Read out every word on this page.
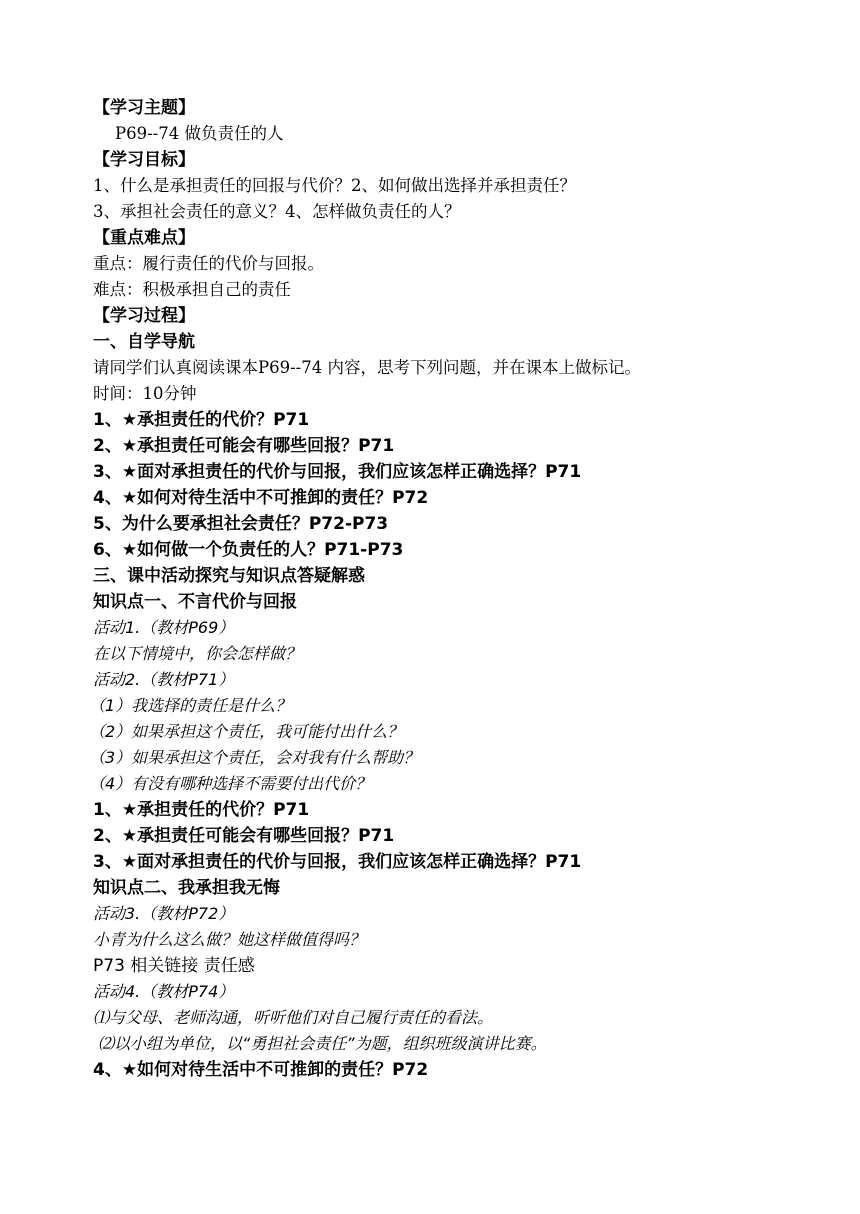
【学习主题】
P69--74 做负责任的人
【学习目标】
1、什么是承担责任的回报与代价？2、如何做出选择并承担责任？
3、承担社会责任的意义？4、怎样做负责任的人？
【重点难点】
重点：履行责任的代价与回报。
难点：积极承担自己的责任
【学习过程】
一、自学导航
请同学们认真阅读课本P69--74 内容，思考下列问题，并在课本上做标记。
时间：10分钟
1、★承担责任的代价？P71
2、★承担责任可能会有哪些回报？P71
3、★面对承担责任的代价与回报，我们应该怎样正确选择？P71
4、★如何对待生活中不可推卸的责任？P72
5、为什么要承担社会责任？P72-P73
6、★如何做一个负责任的人？P71-P73
三、课中活动探究与知识点答疑解惑
知识点一、不言代价与回报
活动1.（教材P69）
在以下情境中，你会怎样做？
活动2.（教材P71）
（1）我选择的责任是什么？
（2）如果承担这个责任，我可能付出什么？
（3）如果承担这个责任，会对我有什么帮助？
（4）有没有哪种选择不需要付出代价？
1、★承担责任的代价？P71
2、★承担责任可能会有哪些回报？P71
3、★面对承担责任的代价与回报，我们应该怎样正确选择？P71
知识点二、我承担我无悔
活动3.（教材P72）
小青为什么这么做？她这样做值得吗？
P73 相关链接 责任感
活动4.（教材P74）
⑴与父母、老师沟通，听听他们对自己履行责任的看法。
⑵以小组为单位，以“勇担社会责任”为题，组织班级演讲比赛。
4、★如何对待生活中不可推卸的责任？P72
